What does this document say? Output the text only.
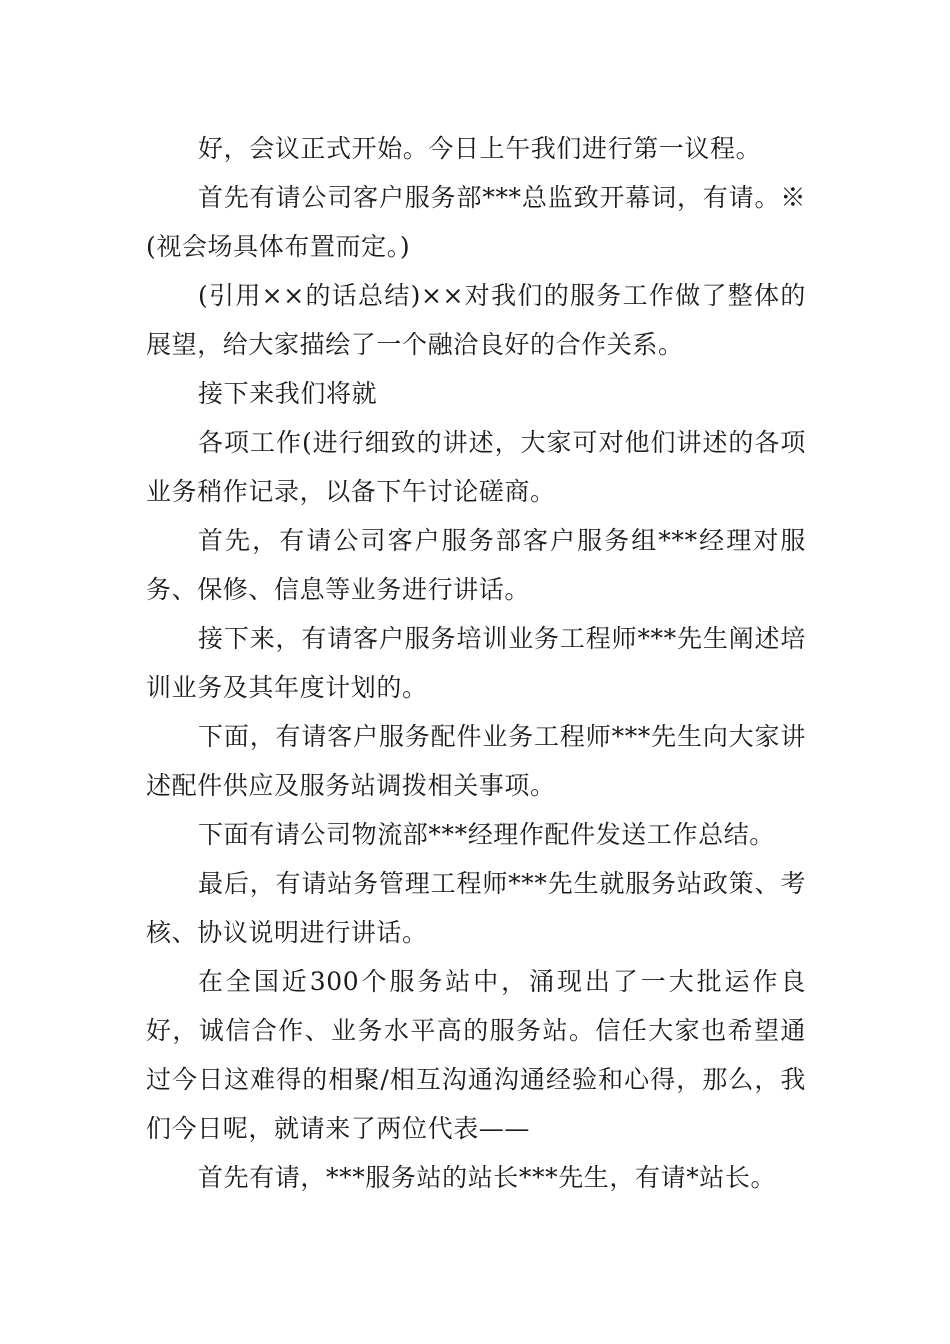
好，会议正式开始。今日上午我们进行第一议程。

首先有请公司客户服务部***总监致开幕词，有请。※(视会场具体布置而定。)

(引用××的话总结)××对我们的服务工作做了整体的展望，给大家描绘了一个融洽良好的合作关系。

接下来我们将就

各项工作(进行细致的讲述，大家可对他们讲述的各项业务稍作记录，以备下午讨论磋商。

首先，有请公司客户服务部客户服务组***经理对服务、保修、信息等业务进行讲话。

接下来，有请客户服务培训业务工程师***先生阐述培训业务及其年度计划的。

下面，有请客户服务配件业务工程师***先生向大家讲述配件供应及服务站调拨相关事项。

下面有请公司物流部***经理作配件发送工作总结。

最后，有请站务管理工程师***先生就服务站政策、考核、协议说明进行讲话。

在全国近300个服务站中，涌现出了一大批运作良好，诚信合作、业务水平高的服务站。信任大家也希望通过今日这难得的相聚/相互沟通沟通经验和心得，那么，我们今日呢，就请来了两位代表——

首先有请，***服务站的站长***先生，有请*站长。
